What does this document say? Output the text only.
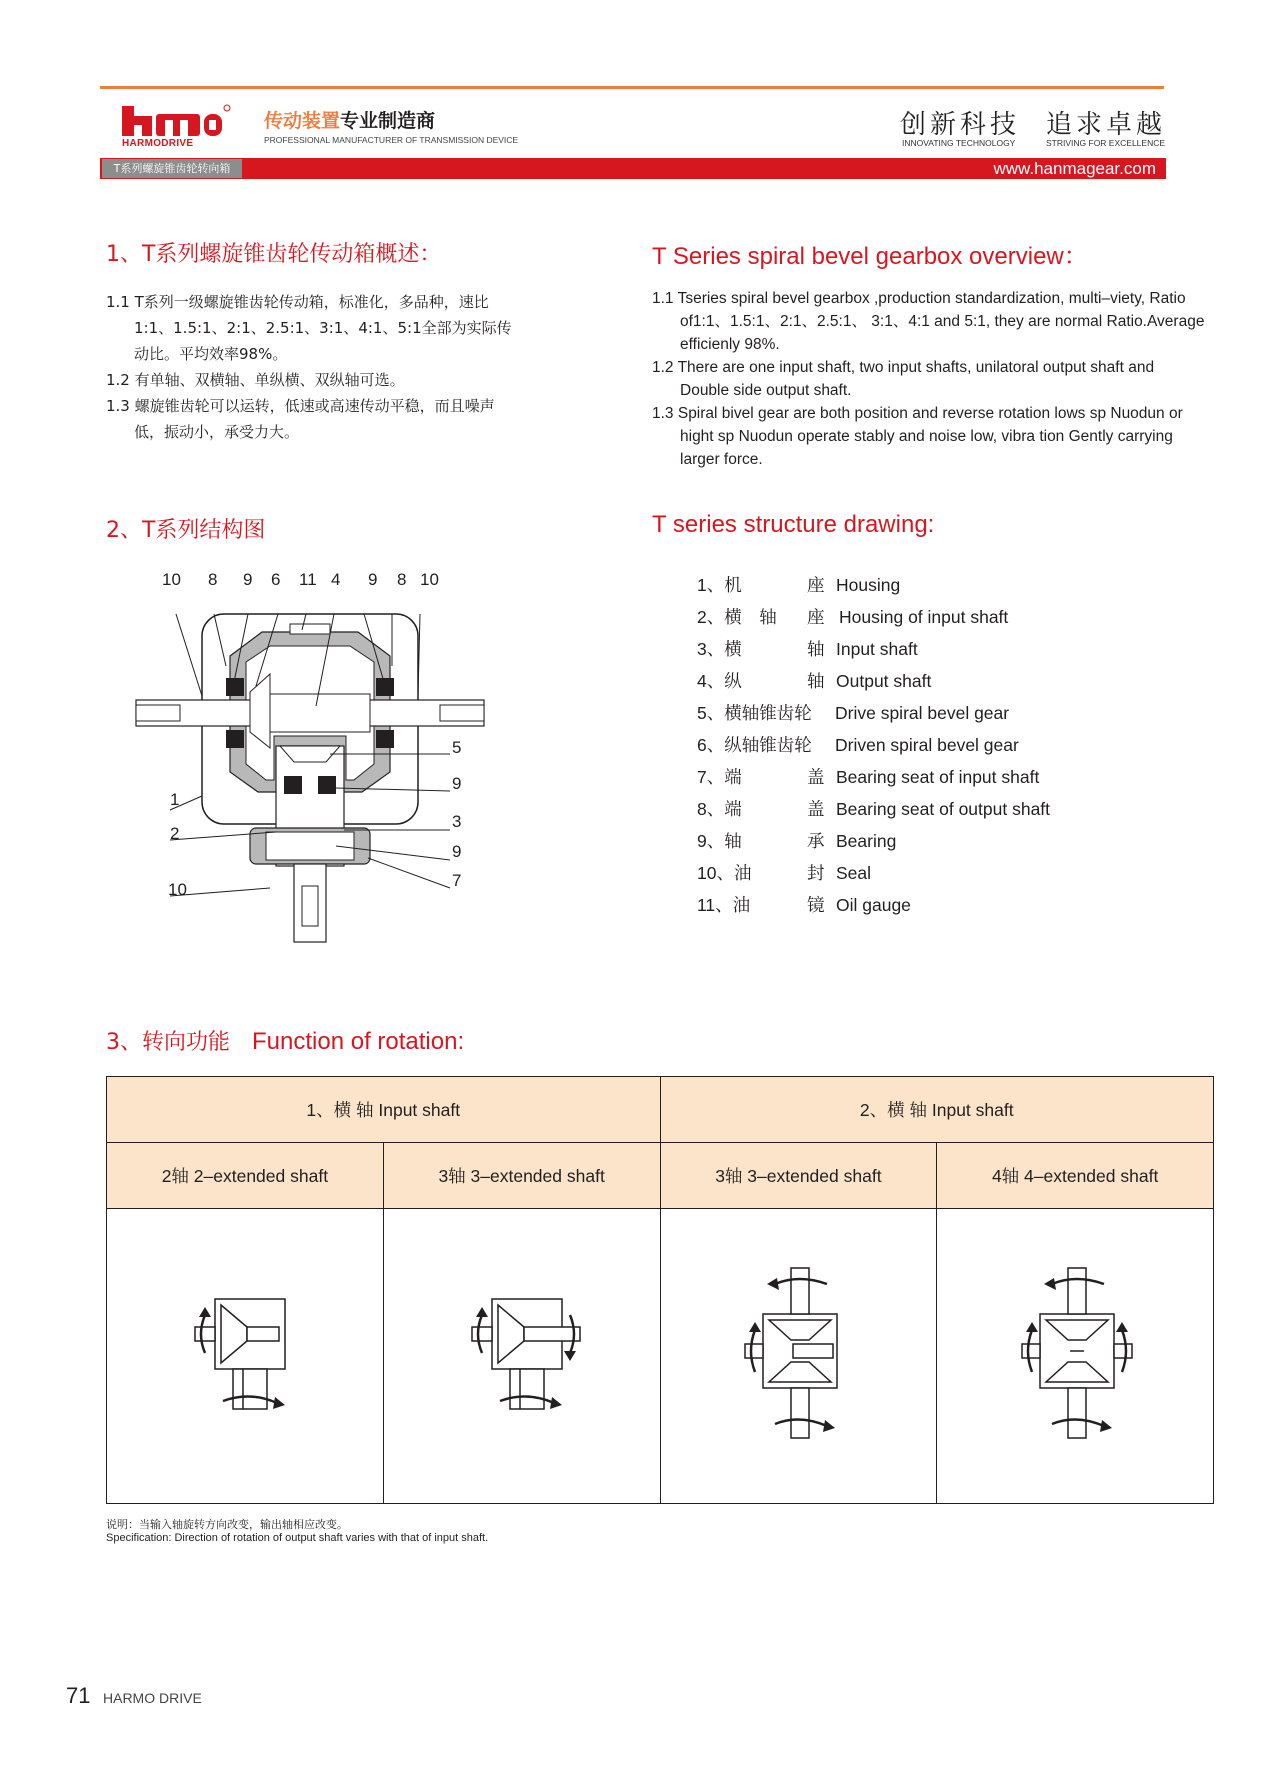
HARMODRIVE
传动装置专业制造商
PROFESSIONAL MANUFACTURER OF TRANSMISSION DEVICE	创新科技
INNOVATING TECHNOLOGY
追求卓越
STRIVING FOR EXCELLENCE
T系列螺旋锥齿轮转向箱	www.hanmagear.com
1、T系列螺旋锥齿轮传动箱概述：	T Series spiral bevel gearbox overview：
1.1 T系列一级螺旋锥齿轮传动箱，标准化，多品种，速比1:1、1.5:1、2:1、2.5:1、3:1、4:1、5:1全部为实际传动比。平均效率98%。
1.2 有单轴、双横轴、单纵横、双纵轴可选。
1.3 螺旋锥齿轮可以运转，低速或高速传动平稳，而且噪声低，振动小，承受力大。
1.1 Tseries spiral bevel gearbox ,production standardization, multi–viety, Ratio of1:1、1.5:1、2:1、2.5:1、 3:1、4:1 and 5:1, they are normal Ratio.Average efficienly 98%.
1.2 There are one input shaft, two input shafts, unilatoral output shaft and Double side output shaft.
1.3 Spiral bivel gear are both position and reverse rotation lows sp Nuodun or hight sp Nuodun operate stably and noise low, vibra tion Gently carrying larger force.
2、T系列结构图	T series structure drawing:
10 8 9 6 11 4 9 8 10
5
9
3
9
7
1
2
10
1、机	座 Housing
2、横　轴 座 Housing of input shaft
3、横	轴 Input shaft
4、纵	轴 Output shaft
5、横轴锥齿轮 Drive spiral bevel gear
6、纵轴锥齿轮 Driven spiral bevel gear
7、端	盖 Bearing seat of input shaft
8、端	盖 Bearing seat of output shaft
9、轴	承 Bearing
10、油	封 Seal
11、油	镜 Oil gauge
3、转向功能 Function of rotation:
1、横 轴 Input shaft		2、横 轴 Input shaft	
2轴 2–extended shaft	3轴 3–extended shaft	3轴 3–extended shaft	4轴 4–extended shaft

说明：当输入轴旋转方向改变，输出轴相应改变。
Specification: Direction of rotation of output shaft varies with that of input shaft.
71 HARMO DRIVE
